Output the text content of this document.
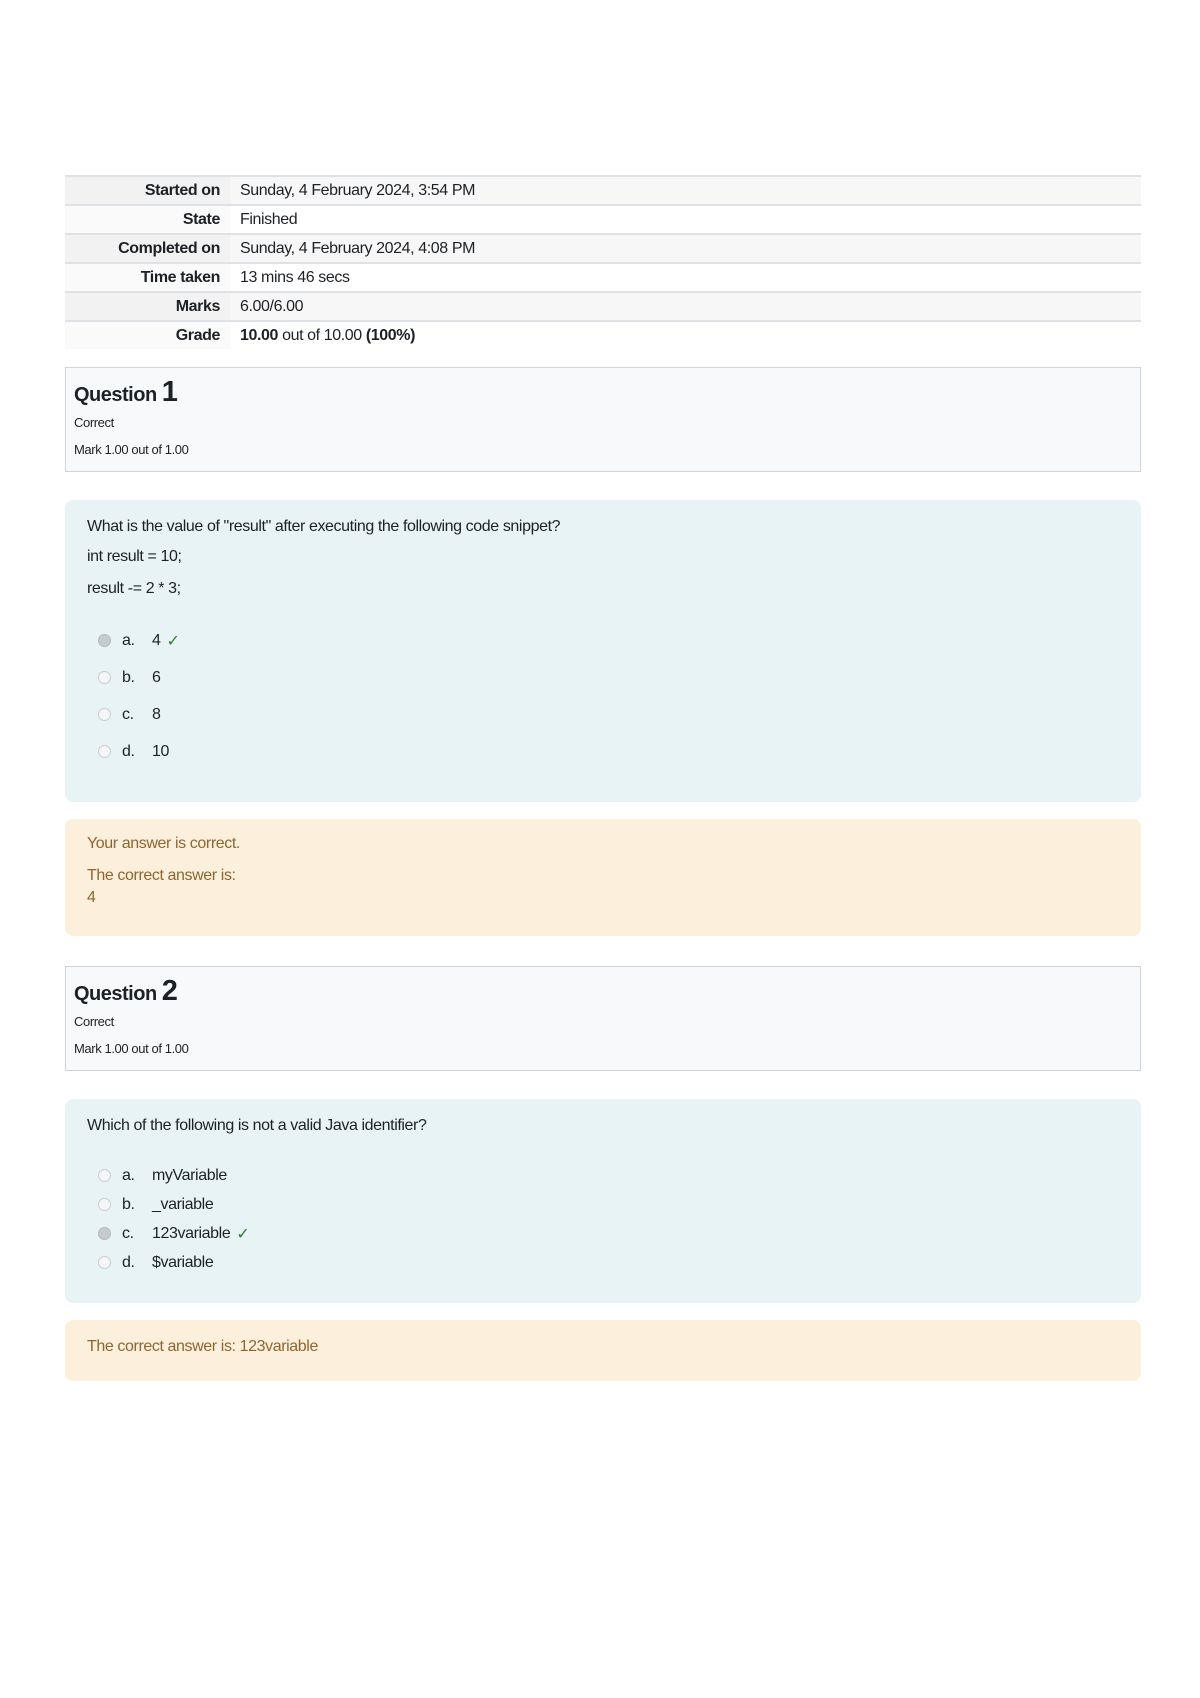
Started on	Sunday, 4 February 2024, 3:54 PM
State	Finished
Completed on	Sunday, 4 February 2024, 4:08 PM
Time taken	13 mins 46 secs
Marks	6.00/6.00
Grade	10.00 out of 10.00 (100%)
Question 1
Correct
Mark 1.00 out of 1.00

What is the value of "result" after executing the following code snippet?

int result = 10;

result -= 2 * 3;

a.	4 ✓
b.	6
c.	8
d.	10

Your answer is correct.

The correct answer is:

4

Question 2
Correct
Mark 1.00 out of 1.00

Which of the following is not a valid Java identifier?

a.	myVariable
b.	_variable
c.	123variable ✓
d.	$variable

The correct answer is: 123variable
